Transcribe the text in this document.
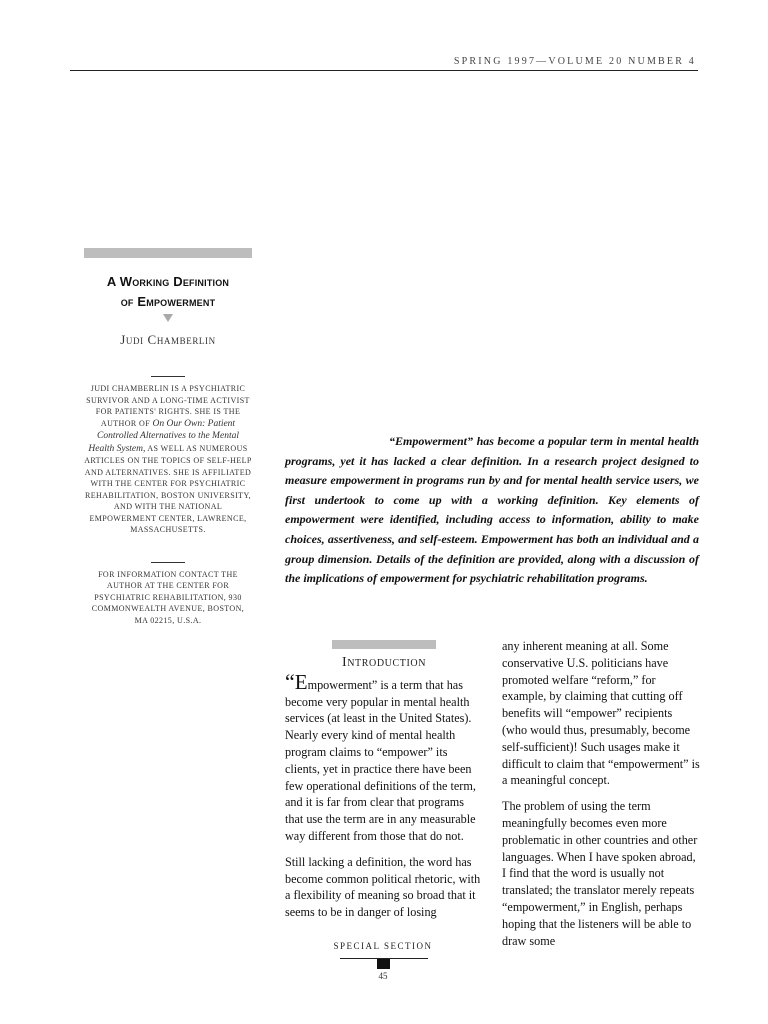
SPRING 1997—VOLUME 20 NUMBER 4
A Working Definition
of Empowerment
Judi Chamberlin
JUDI CHAMBERLIN IS A PSYCHIATRIC SURVIVOR AND A LONG-TIME ACTIVIST FOR PATIENTS' RIGHTS. SHE IS THE AUTHOR OF On Our Own: Patient Controlled Alternatives to the Mental Health System, AS WELL AS NUMEROUS ARTICLES ON THE TOPICS OF SELF-HELP AND ALTERNATIVES. SHE IS AFFILIATED WITH THE CENTER FOR PSYCHIATRIC REHABILITATION, BOSTON UNIVERSITY, AND WITH THE NATIONAL EMPOWERMENT CENTER, LAWRENCE, MASSACHUSETTS.
FOR INFORMATION CONTACT THE AUTHOR AT THE CENTER FOR PSYCHIATRIC REHABILITATION, 930 COMMONWEALTH AVENUE, BOSTON, MA 02215, U.S.A.
“Empowerment” has become a popular term in mental health programs, yet it has lacked a clear definition. In a research project designed to measure empowerment in programs run by and for mental health service users, we first undertook to come up with a working definition. Key elements of empowerment were identified, including access to information, ability to make choices, assertiveness, and self-esteem. Empowerment has both an individual and a group dimension. Details of the definition are provided, along with a discussion of the implications of empowerment for psychiatric rehabilitation programs.
Introduction

“Empowerment” is a term that has become very popular in mental health services (at least in the United States). Nearly every kind of mental health program claims to “empower” its clients, yet in practice there have been few operational definitions of the term, and it is far from clear that programs that use the term are in any measurable way different from those that do not.

Still lacking a definition, the word has become common political rhetoric, with a flexibility of meaning so broad that it seems to be in danger of losing

any inherent meaning at all. Some conservative U.S. politicians have promoted welfare “reform,” for example, by claiming that cutting off benefits will “empower” recipients (who would thus, presumably, become self-sufficient)! Such usages make it difficult to claim that “empowerment” is a meaningful concept.

The problem of using the term meaningfully becomes even more problematic in other countries and other languages. When I have spoken abroad, I find that the word is usually not translated; the translator merely repeats “empowerment,” in English, perhaps hoping that the listeners will be able to draw some

SPECIAL SECTION
45
